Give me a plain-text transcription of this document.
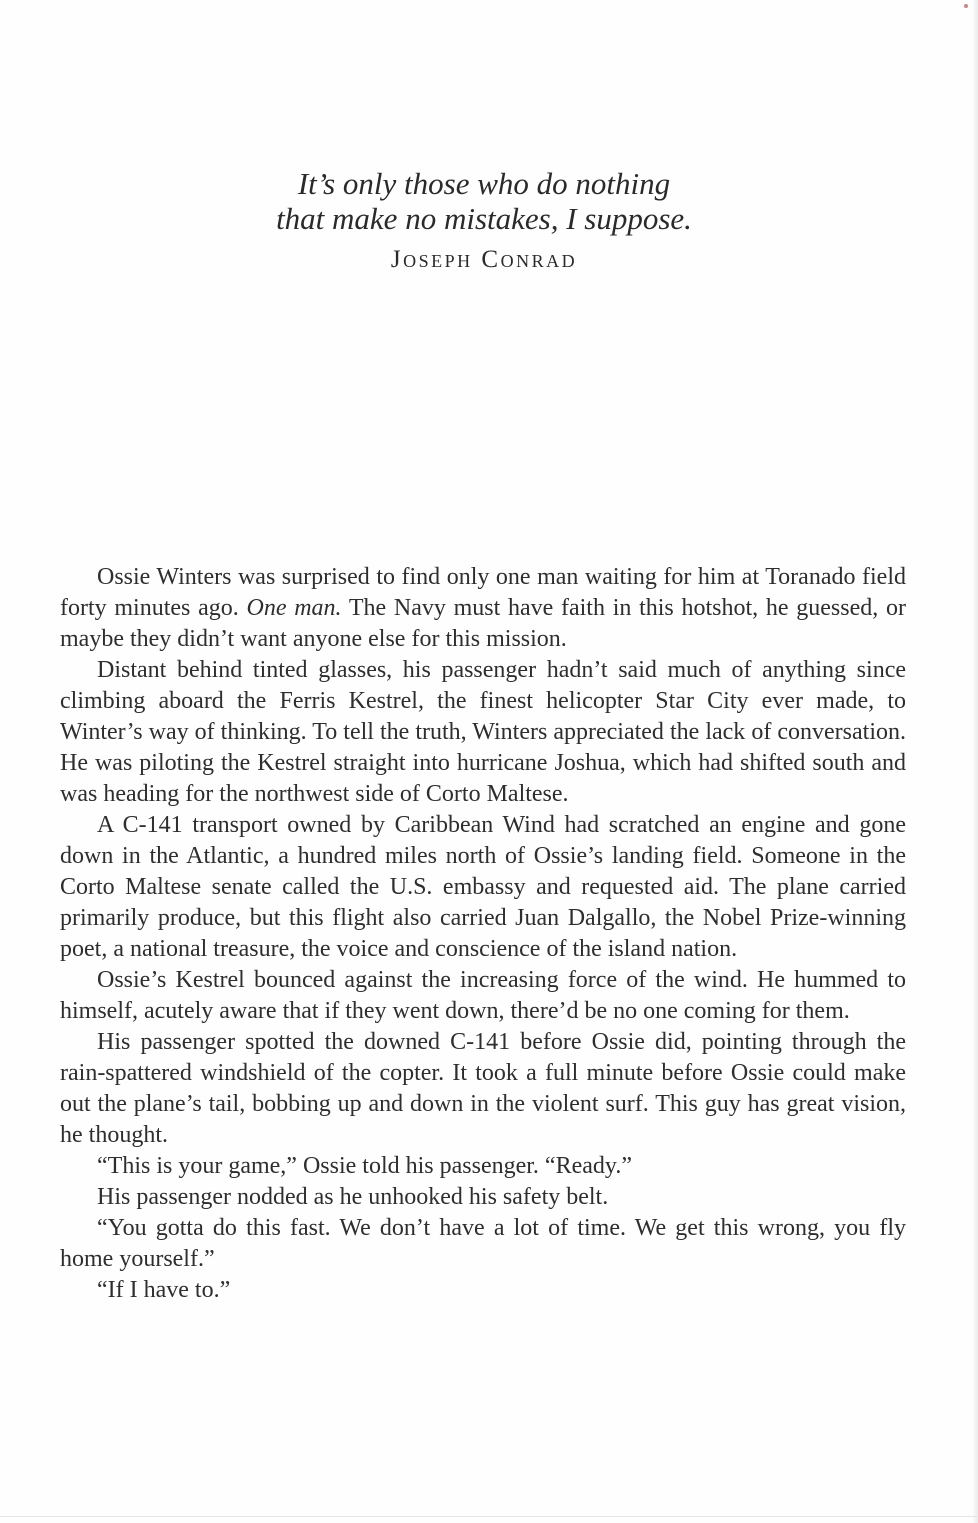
It’s only those who do nothing
that make no mistakes, I suppose.
Joseph Conrad

Ossie Winters was surprised to find only one man waiting for him at Toranado field forty minutes ago. One man. The Navy must have faith in this hotshot, he guessed, or maybe they didn’t want anyone else for this mission.

Distant behind tinted glasses, his passenger hadn’t said much of anything since climbing aboard the Ferris Kestrel, the finest helicopter Star City ever made, to Winter’s way of thinking. To tell the truth, Winters appreciated the lack of conversation. He was piloting the Kestrel straight into hurricane Joshua, which had shifted south and was heading for the northwest side of Corto Maltese.

A C-141 transport owned by Caribbean Wind had scratched an engine and gone down in the Atlantic, a hundred miles north of Ossie’s landing field. Someone in the Corto Maltese senate called the U.S. embassy and requested aid. The plane carried primarily produce, but this flight also carried Juan Dalgallo, the Nobel Prize-winning poet, a national treasure, the voice and conscience of the island nation.

Ossie’s Kestrel bounced against the increasing force of the wind. He hummed to himself, acutely aware that if they went down, there’d be no one coming for them.

His passenger spotted the downed C-141 before Ossie did, pointing through the rain-spattered windshield of the copter. It took a full minute before Ossie could make out the plane’s tail, bobbing up and down in the violent surf. This guy has great vision, he thought.

“This is your game,” Ossie told his passenger. “Ready.”

His passenger nodded as he unhooked his safety belt.

“You gotta do this fast. We don’t have a lot of time. We get this wrong, you fly home yourself.”

“If I have to.”
